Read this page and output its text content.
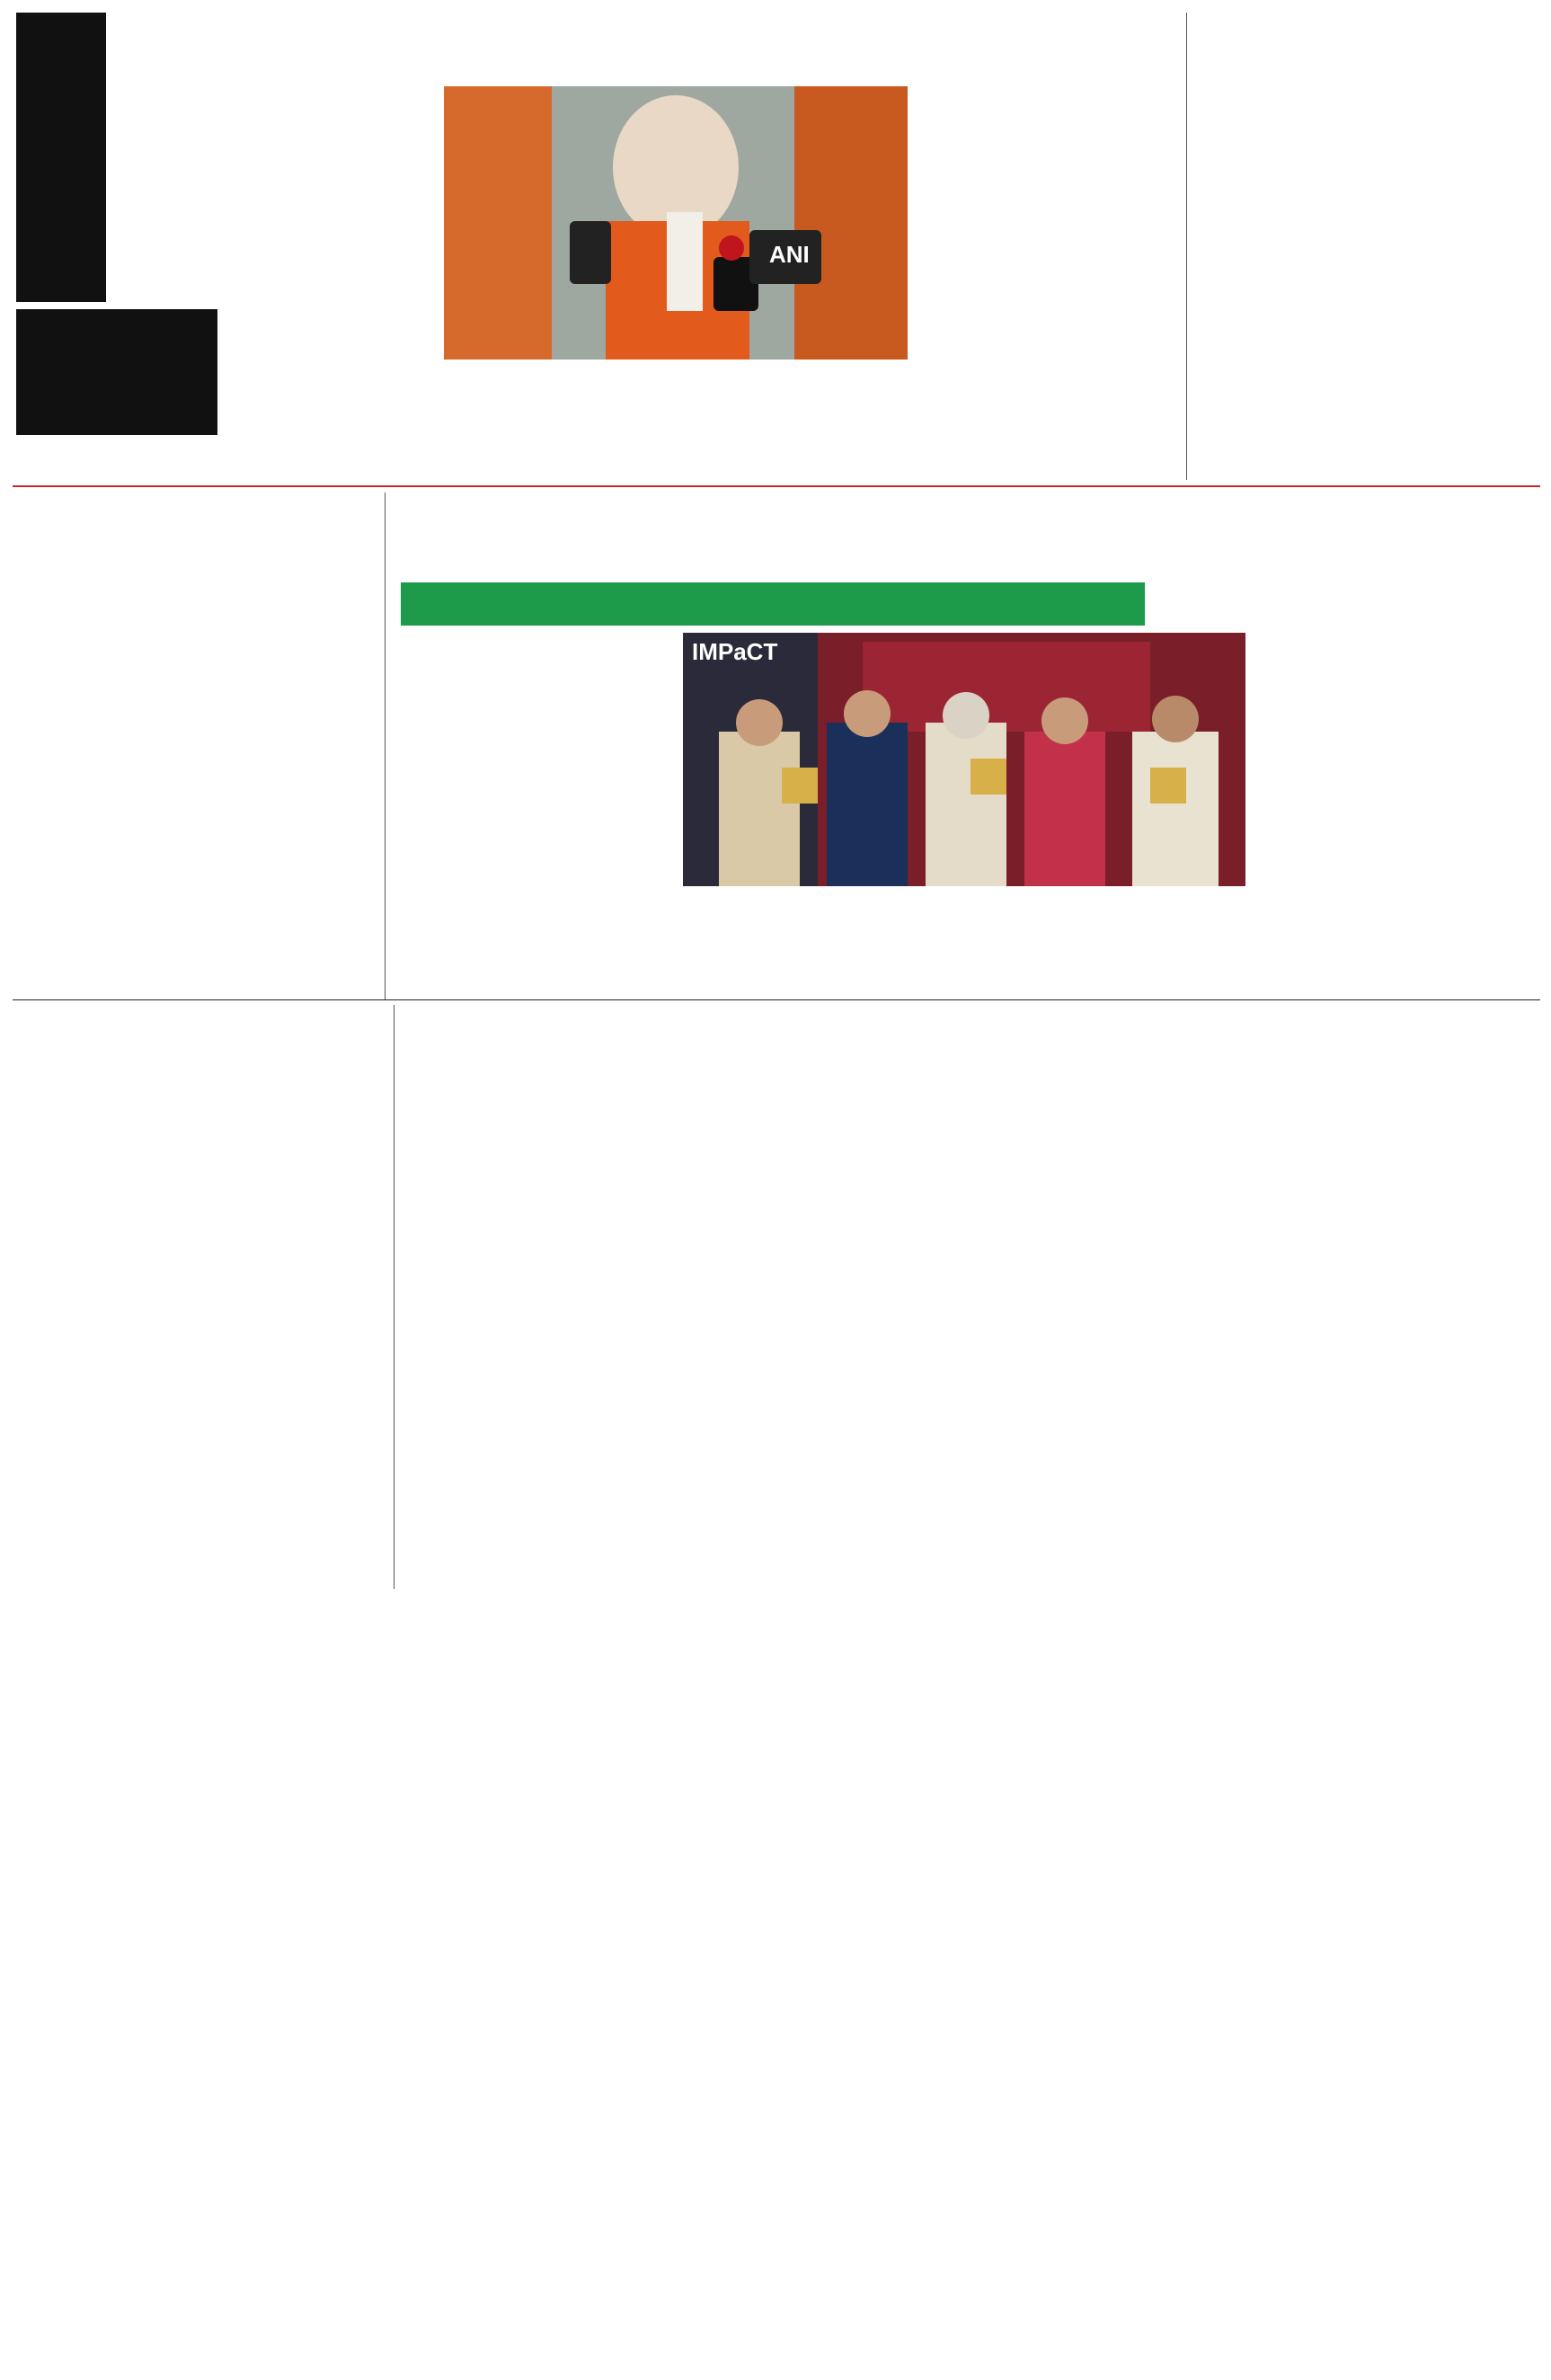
ANI

IMPaCT
